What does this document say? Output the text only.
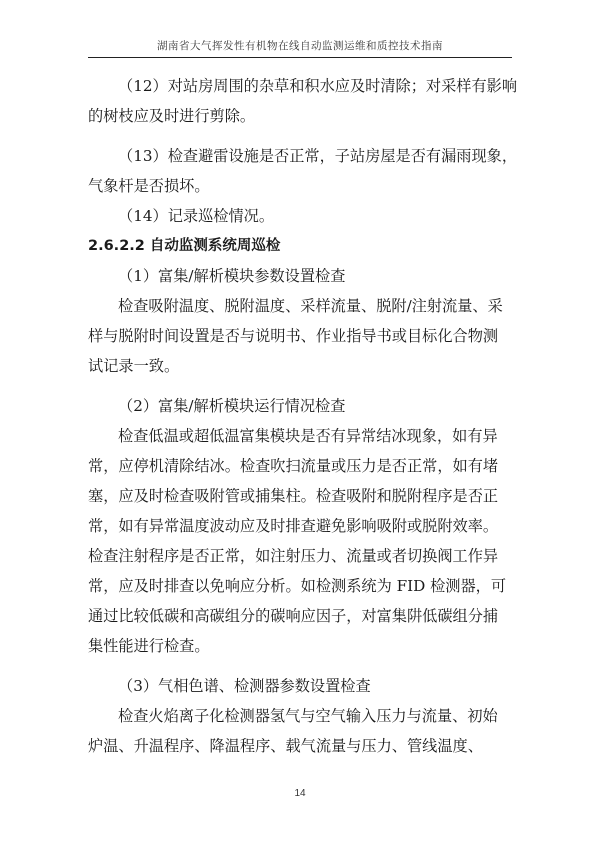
湖南省大气挥发性有机物在线自动监测运维和质控技术指南
（12）对站房周围的杂草和积水应及时清除；对采样有影响
的树枝应及时进行剪除。
（13）检查避雷设施是否正常，子站房屋是否有漏雨现象，
气象杆是否损坏。
（14）记录巡检情况。
2.6.2.2 自动监测系统周巡检
（1）富集/解析模块参数设置检查
检查吸附温度、脱附温度、采样流量、脱附/注射流量、采
样与脱附时间设置是否与说明书、作业指导书或目标化合物测
试记录一致。
（2）富集/解析模块运行情况检查
检查低温或超低温富集模块是否有异常结冰现象，如有异
常，应停机清除结冰。检查吹扫流量或压力是否正常，如有堵
塞，应及时检查吸附管或捕集柱。检查吸附和脱附程序是否正
常，如有异常温度波动应及时排查避免影响吸附或脱附效率。
检查注射程序是否正常，如注射压力、流量或者切换阀工作异
常，应及时排查以免响应分析。如检测系统为 FID 检测器，可
通过比较低碳和高碳组分的碳响应因子，对富集阱低碳组分捕
集性能进行检查。
（3）气相色谱、检测器参数设置检查
检查火焰离子化检测器氢气与空气输入压力与流量、初始
炉温、升温程序、降温程序、载气流量与压力、管线温度、
14
